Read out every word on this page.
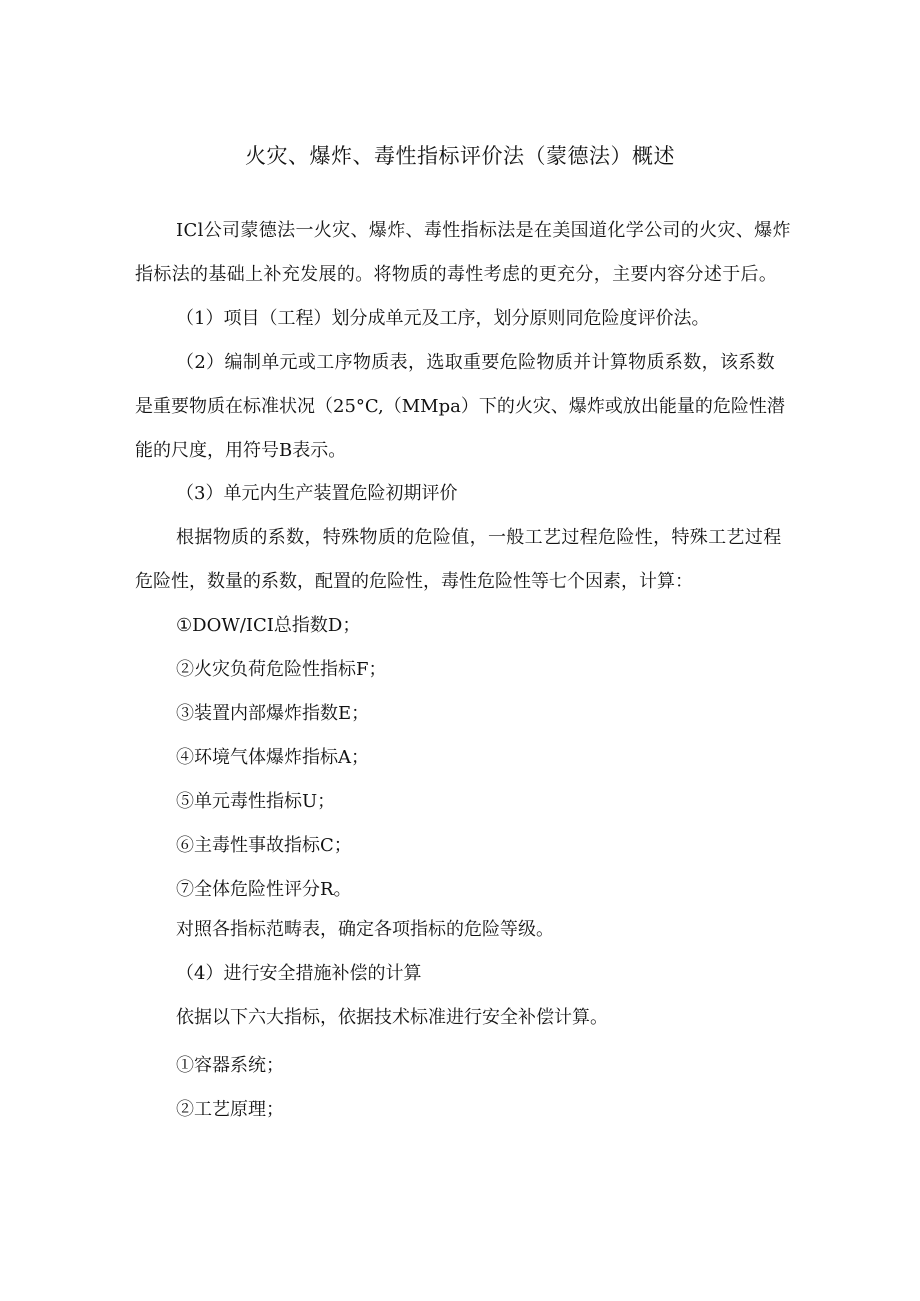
火灾、爆炸、毒性指标评价法（蒙德法）概述

ICl公司蒙德法一火灾、爆炸、毒性指标法是在美国道化学公司的火灾、爆炸

指标法的基础上补充发展的。将物质的毒性考虑的更充分，主要内容分述于后。

（1）项目（工程）划分成单元及工序，划分原则同危险度评价法。

（2）编制单元或工序物质表，选取重要危险物质并计算物质系数，该系数

是重要物质在标准状况（25°C,（MMpa）下的火灾、爆炸或放出能量的危险性潜

能的尺度，用符号B表示。

（3）单元内生产装置危险初期评价

根据物质的系数，特殊物质的危险值，一般工艺过程危险性，特殊工艺过程

危险性，数量的系数，配置的危险性，毒性危险性等七个因素，计算：

①DOW/ICI总指数D；

②火灾负荷危险性指标F；

③装置内部爆炸指数E；

④环境气体爆炸指标A；

⑤单元毒性指标U；

⑥主毒性事故指标C；

⑦全体危险性评分R。

对照各指标范畴表，确定各项指标的危险等级。

（4）进行安全措施补偿的计算

依据以下六大指标，依据技术标准进行安全补偿计算。

①容器系统；

②工艺原理；
